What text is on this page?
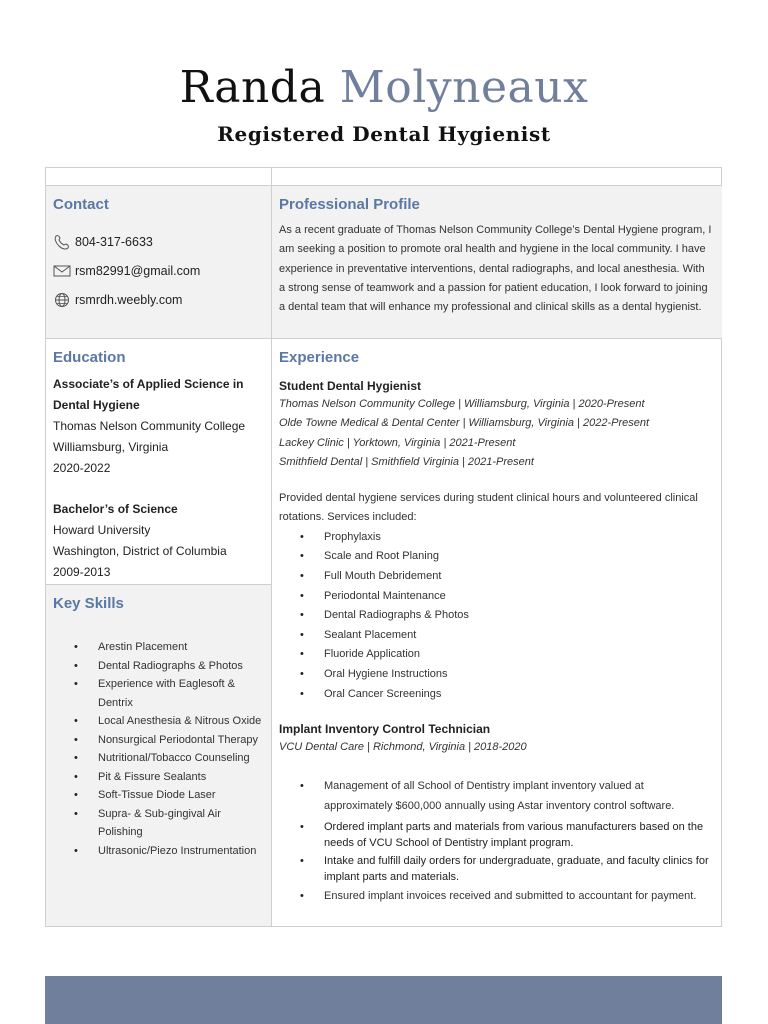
Randa Molyneaux
Registered Dental Hygienist
Contact
804-317-6633
rsm82991@gmail.com
rsmrdh.weebly.com
Professional Profile
As a recent graduate of Thomas Nelson Community College’s Dental Hygiene program, I am seeking a position to promote oral health and hygiene in the local community. I have experience in preventative interventions, dental radiographs, and local anesthesia. With a strong sense of teamwork and a passion for patient education, I look forward to joining a dental team that will enhance my professional and clinical skills as a dental hygienist.
Education
Associate’s of Applied Science in
Dental Hygiene
Thomas Nelson Community College
Williamsburg, Virginia
2020-2022
Bachelor’s of Science
Howard University
Washington, District of Columbia
2009-2013
Key Skills
• Arestin Placement
• Dental Radiographs & Photos
• Experience with Eaglesoft & Dentrix
• Local Anesthesia & Nitrous Oxide
• Nonsurgical Periodontal Therapy
• Nutritional/Tobacco Counseling
• Pit & Fissure Sealants
• Soft-Tissue Diode Laser
• Supra- & Sub-gingival Air Polishing
• Ultrasonic/Piezo Instrumentation
Experience
Student Dental Hygienist
Thomas Nelson Community College | Williamsburg, Virginia | 2020-Present
Olde Towne Medical & Dental Center | Williamsburg, Virginia | 2022-Present
Lackey Clinic | Yorktown, Virginia | 2021-Present
Smithfield Dental | Smithfield Virginia | 2021-Present
Provided dental hygiene services during student clinical hours and volunteered clinical rotations. Services included:
• Prophylaxis
• Scale and Root Planing
• Full Mouth Debridement
• Periodontal Maintenance
• Dental Radiographs & Photos
• Sealant Placement
• Fluoride Application
• Oral Hygiene Instructions
• Oral Cancer Screenings
Implant Inventory Control Technician
VCU Dental Care | Richmond, Virginia | 2018-2020
• Management of all School of Dentistry implant inventory valued at approximately $600,000 annually using Astar inventory control software.
• Ordered implant parts and materials from various manufacturers based on the needs of VCU School of Dentistry implant program.
• Intake and fulfill daily orders for undergraduate, graduate, and faculty clinics for implant parts and materials.
• Ensured implant invoices received and submitted to accountant for payment.
